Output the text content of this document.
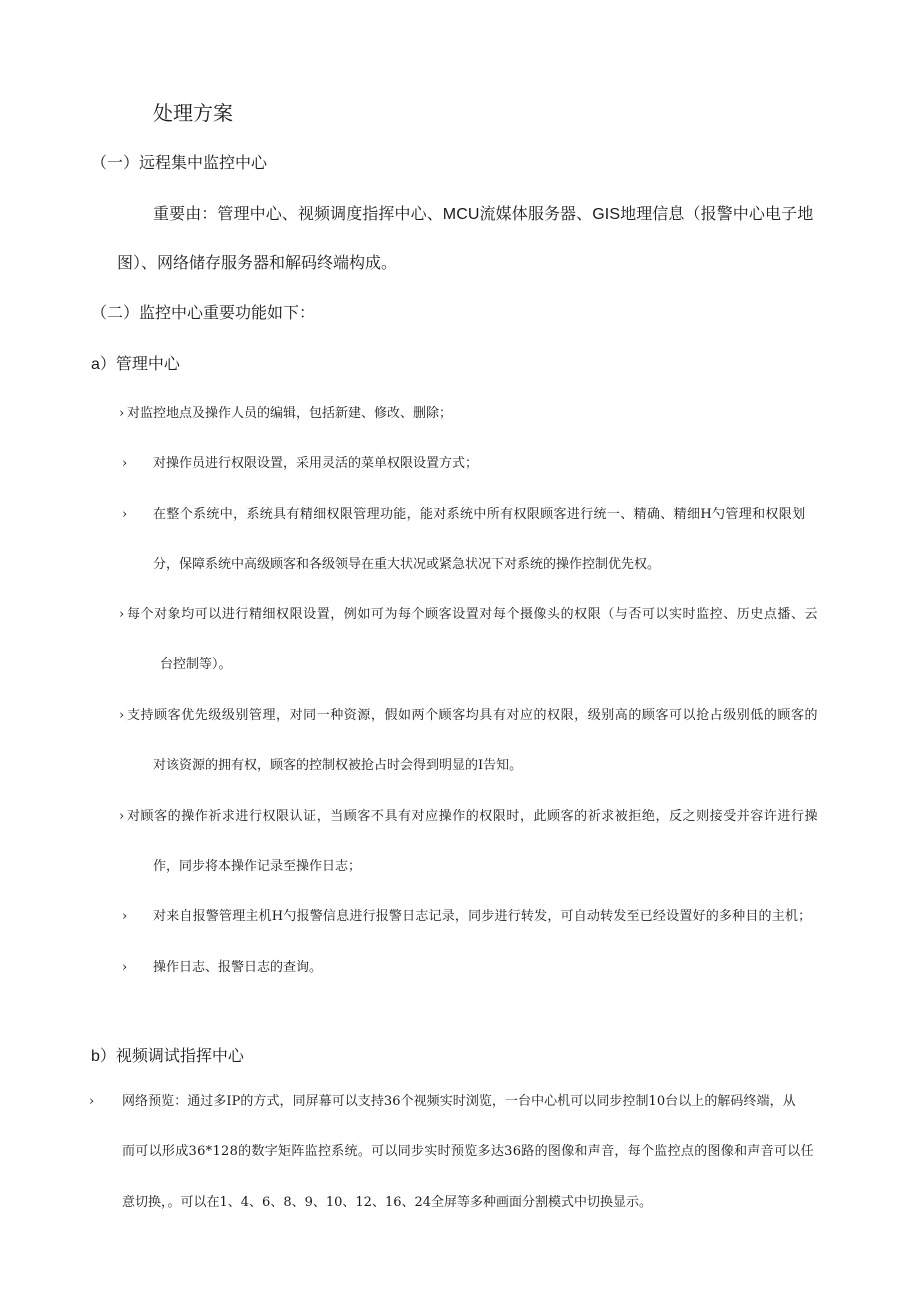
处理方案
（一）远程集中监控中心
重要由：管理中心、视频调度指挥中心、MCU流媒体服务器、GIS地理信息（报警中心电子地
图）、网络储存服务器和解码终端构成。
（二）监控中心重要功能如下：
a）管理中心
› 对监控地点及操作人员的编辑，包括新建、修改、删除；
› 对操作员进行权限设置，采用灵活的菜单权限设置方式；
› 在整个系统中，系统具有精细权限管理功能，能对系统中所有权限顾客进行统一、精确、精细H勺管理和权限划
分，保障系统中高级顾客和各级领导在重大状况或紧急状况下对系统的操作控制优先权。
› 每个对象均可以进行精细权限设置，例如可为每个顾客设置对每个摄像头的权限（与否可以实时监控、历史点播、云
台控制等）。
› 支持顾客优先级级别管理，对同一种资源，假如两个顾客均具有对应的权限，级别高的顾客可以抢占级别低的顾客的
对该资源的拥有权，顾客的控制权被抢占时会得到明显的I告知。
› 对顾客的操作祈求进行权限认证，当顾客不具有对应操作的权限时，此顾客的祈求被拒绝，反之则接受并容许进行操
作，同步将本操作记录至操作日志；
› 对来自报警管理主机H勺报警信息进行报警日志记录，同步进行转发，可自动转发至已经设置好的多种目的主机；
› 操作日志、报警日志的查询。
b）视频调试指挥中心
› 网络预览：通过多IP的方式，同屏幕可以支持36个视频实时浏览，一台中心机可以同步控制10台以上的解码终端，从
而可以形成36*128的数字矩阵监控系统。可以同步实时预览多达36路的图像和声音，每个监控点的图像和声音可以任
意切换，。可以在1、4、6、8、9、10、12、16、24全屏等多种画面分割模式中切换显示。
